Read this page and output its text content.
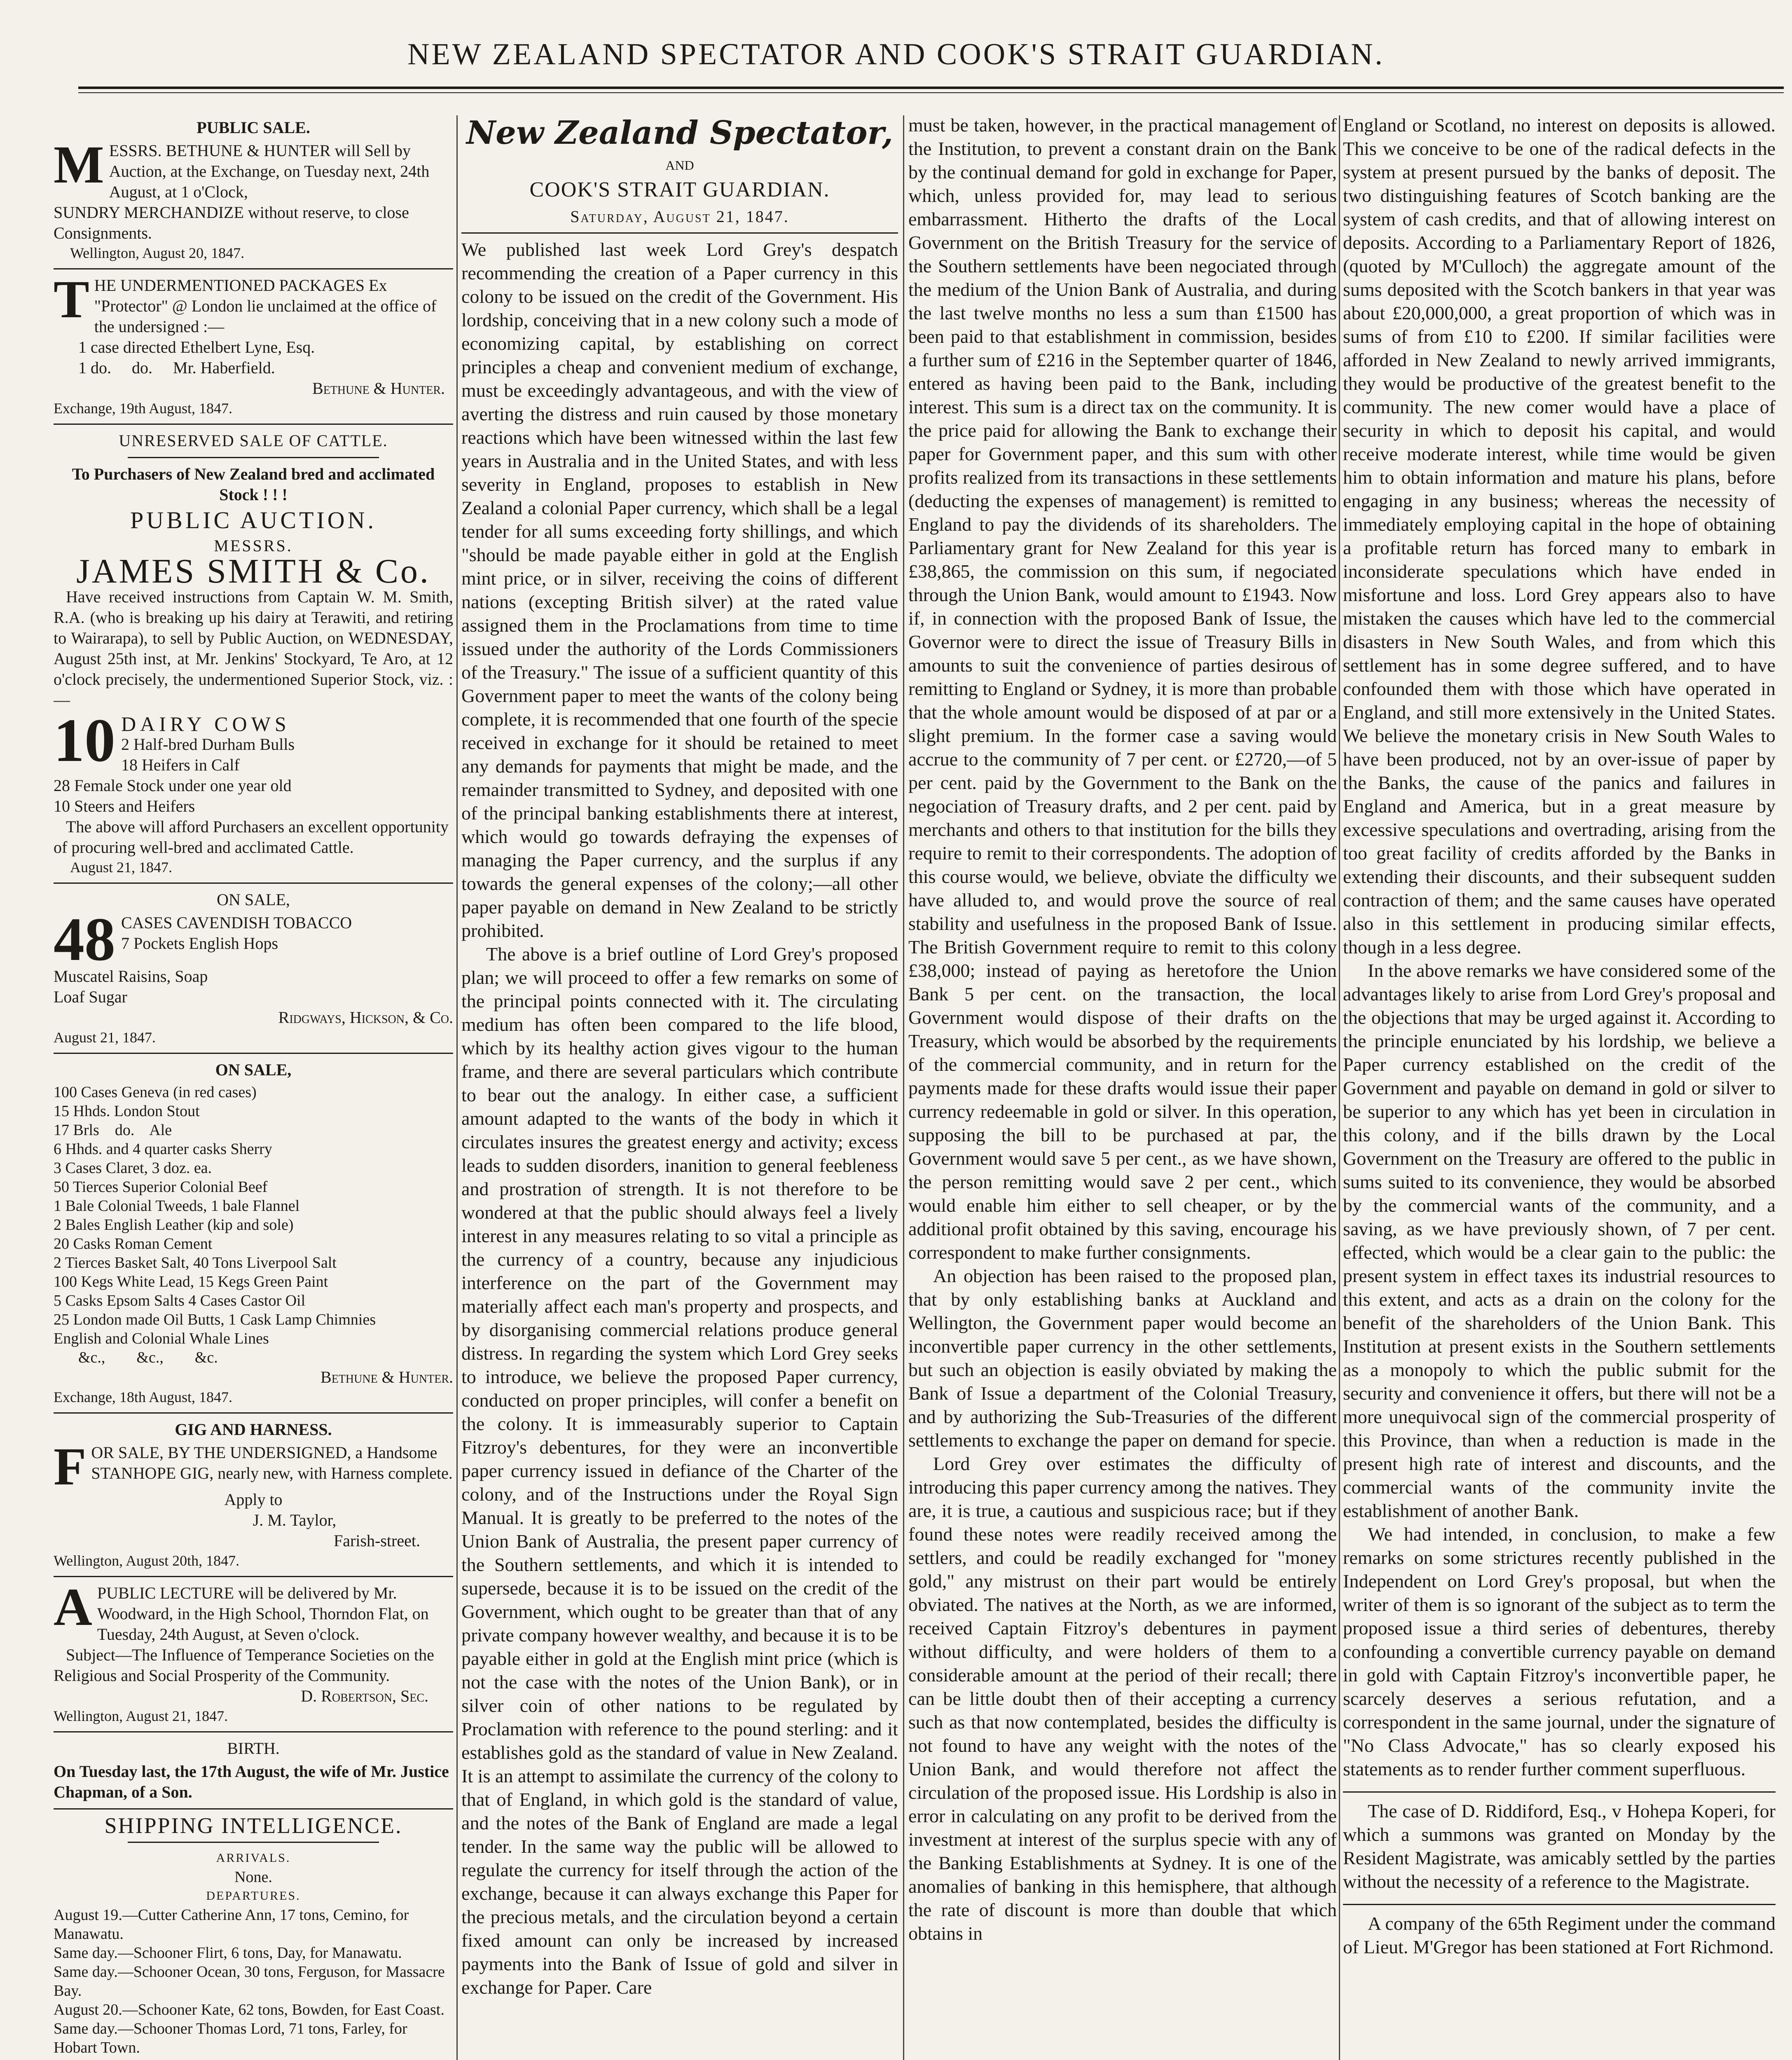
NEW ZEALAND SPECTATOR AND COOK'S STRAIT GUARDIAN.
PUBLIC SALE.

MESSRS. BETHUNE & HUNTER will Sell by Auction, at the Exchange, on Tuesday next, 24th August, at 1 o'Clock,

SUNDRY MERCHANDIZE without reserve, to close Consignments.

Wellington, August 20, 1847.

THE UNDERMENTIONED PACKAGES Ex "Protector" @ London lie unclaimed at the office of the undersigned :—

1 case directed Ethelbert Lyne, Esq.

1 do.     do.     Mr. Haberfield.

Bethune & Hunter.

Exchange, 19th August, 1847.

UNRESERVED SALE OF CATTLE.

To Purchasers of New Zealand bred and acclimated Stock ! ! !

PUBLIC AUCTION.

MESSRS.

JAMES SMITH & Co.

Have received instructions from Captain W. M. Smith, R.A. (who is breaking up his dairy at Terawiti, and retiring to Wairarapa), to sell by Public Auction, on WEDNESDAY, August 25th inst, at Mr. Jenkins' Stockyard, Te Aro, at 12 o'clock precisely, the undermentioned Superior Stock, viz. :—

10 DAIRY COWS

2 Half-bred Durham Bulls

18 Heifers in Calf

28 Female Stock under one year old

10 Steers and Heifers

The above will afford Purchasers an excellent opportunity of procuring well-bred and acclimated Cattle.

August 21, 1847.

ON SALE,
48 CASES CAVENDISH TOBACCO

7 Pockets English Hops

Muscatel Raisins, Soap

Loaf Sugar

Ridgways, Hickson, & Co.

August 21, 1847.

ON SALE,

100 Cases Geneva (in red cases)

15 Hhds. London Stout

17 Brls    do.    Ale

6 Hhds. and 4 quarter casks Sherry

3 Cases Claret, 3 doz. ea.

50 Tierces Superior Colonial Beef

1 Bale Colonial Tweeds, 1 bale Flannel

2 Bales English Leather (kip and sole)

20 Casks Roman Cement

2 Tierces Basket Salt, 40 Tons Liverpool Salt

100 Kegs White Lead, 15 Kegs Green Paint

5 Casks Epsom Salts 4 Cases Castor Oil

25 London made Oil Butts, 1 Cask Lamp Chimnies

English and Colonial Whale Lines

&c.,        &c.,        &c.

Bethune & Hunter.

Exchange, 18th August, 1847.

GIG AND HARNESS.

FOR SALE, BY THE UNDERSIGNED, a Handsome STANHOPE GIG, nearly new, with Harness complete.

Apply to

J. M. Taylor,

Farish-street.

Wellington, August 20th, 1847.

APUBLIC LECTURE will be delivered by Mr. Woodward, in the High School, Thorndon Flat, on Tuesday, 24th August, at Seven o'clock.

Subject—The Influence of Temperance Societies on the Religious and Social Prosperity of the Community.

D. Robertson, Sec.

Wellington, August 21, 1847.

BIRTH.

On Tuesday last, the 17th August, the wife of Mr. Justice Chapman, of a Son.

SHIPPING INTELLIGENCE.

ARRIVALS.

None.

DEPARTURES.

August 19.—Cutter Catherine Ann, 17 tons, Cemino, for Manawatu.

Same day.—Schooner Flirt, 6 tons, Day, for Manawatu.

Same day.—Schooner Ocean, 30 tons, Ferguson, for Massacre Bay.

August 20.—Schooner Kate, 62 tons, Bowden, for East Coast.

Same day.—Schooner Thomas Lord, 71 tons, Farley, for Hobart Town.

New Zealand Spectator,
AND
COOK'S STRAIT GUARDIAN.
Saturday, August 21, 1847.

We published last week Lord Grey's despatch recommending the creation of a Paper currency in this colony to be issued on the credit of the Government. His lordship, conceiving that in a new colony such a mode of economizing capital, by establishing on correct principles a cheap and convenient medium of exchange, must be exceedingly advantageous, and with the view of averting the distress and ruin caused by those monetary reactions which have been witnessed within the last few years in Australia and in the United States, and with less severity in England, proposes to establish in New Zealand a colonial Paper currency, which shall be a legal tender for all sums exceeding forty shillings, and which "should be made payable either in gold at the English mint price, or in silver, receiving the coins of different nations (excepting British silver) at the rated value assigned them in the Proclamations from time to time issued under the authority of the Lords Commissioners of the Treasury." The issue of a sufficient quantity of this Government paper to meet the wants of the colony being complete, it is recommended that one fourth of the specie received in exchange for it should be retained to meet any demands for payments that might be made, and the remainder transmitted to Sydney, and deposited with one of the principal banking establishments there at interest, which would go towards defraying the expenses of managing the Paper currency, and the surplus if any towards the general expenses of the colony;—all other paper payable on demand in New Zealand to be strictly prohibited.

The above is a brief outline of Lord Grey's proposed plan; we will proceed to offer a few remarks on some of the principal points connected with it. The circulating medium has often been compared to the life blood, which by its healthy action gives vigour to the human frame, and there are several particulars which contribute to bear out the analogy. In either case, a sufficient amount adapted to the wants of the body in which it circulates insures the greatest energy and activity; excess leads to sudden disorders, inanition to general feebleness and prostration of strength. It is not therefore to be wondered at that the public should always feel a lively interest in any measures relating to so vital a principle as the currency of a country, because any injudicious interference on the part of the Government may materially affect each man's property and prospects, and by disorganising commercial relations produce general distress. In regarding the system which Lord Grey seeks to introduce, we believe the proposed Paper currency, conducted on proper principles, will confer a benefit on the colony. It is immeasurably superior to Captain Fitzroy's debentures, for they were an inconvertible paper currency issued in defiance of the Charter of the colony, and of the Instructions under the Royal Sign Manual. It is greatly to be preferred to the notes of the Union Bank of Australia, the present paper currency of the Southern settlements, and which it is intended to supersede, because it is to be issued on the credit of the Government, which ought to be greater than that of any private company however wealthy, and because it is to be payable either in gold at the English mint price (which is not the case with the notes of the Union Bank), or in silver coin of other nations to be regulated by Proclamation with reference to the pound sterling: and it establishes gold as the standard of value in New Zealand. It is an attempt to assimilate the currency of the colony to that of England, in which gold is the standard of value, and the notes of the Bank of England are made a legal tender. In the same way the public will be allowed to regulate the currency for itself through the action of the exchange, because it can always exchange this Paper for the precious metals, and the circulation beyond a certain fixed amount can only be increased by increased payments into the Bank of Issue of gold and silver in exchange for Paper. Care

must be taken, however, in the practical management of the Institution, to prevent a constant drain on the Bank by the continual demand for gold in exchange for Paper, which, unless provided for, may lead to serious embarrassment. Hitherto the drafts of the Local Government on the British Treasury for the service of the Southern settlements have been negociated through the medium of the Union Bank of Australia, and during the last twelve months no less a sum than £1500 has been paid to that establishment in commission, besides a further sum of £216 in the September quarter of 1846, entered as having been paid to the Bank, including interest. This sum is a direct tax on the community. It is the price paid for allowing the Bank to exchange their paper for Government paper, and this sum with other profits realized from its transactions in these settlements (deducting the expenses of management) is remitted to England to pay the dividends of its shareholders. The Parliamentary grant for New Zealand for this year is £38,865, the commission on this sum, if negociated through the Union Bank, would amount to £1943. Now if, in connection with the proposed Bank of Issue, the Governor were to direct the issue of Treasury Bills in amounts to suit the convenience of parties desirous of remitting to England or Sydney, it is more than probable that the whole amount would be disposed of at par or a slight premium. In the former case a saving would accrue to the community of 7 per cent. or £2720,—of 5 per cent. paid by the Government to the Bank on the negociation of Treasury drafts, and 2 per cent. paid by merchants and others to that institution for the bills they require to remit to their correspondents. The adoption of this course would, we believe, obviate the difficulty we have alluded to, and would prove the source of real stability and usefulness in the proposed Bank of Issue. The British Government require to remit to this colony £38,000; instead of paying as heretofore the Union Bank 5 per cent. on the transaction, the local Government would dispose of their drafts on the Treasury, which would be absorbed by the requirements of the commercial community, and in return for the payments made for these drafts would issue their paper currency redeemable in gold or silver. In this operation, supposing the bill to be purchased at par, the Government would save 5 per cent., as we have shown, the person remitting would save 2 per cent., which would enable him either to sell cheaper, or by the additional profit obtained by this saving, encourage his correspondent to make further consignments.

An objection has been raised to the proposed plan, that by only establishing banks at Auckland and Wellington, the Government paper would become an inconvertible paper currency in the other settlements, but such an objection is easily obviated by making the Bank of Issue a department of the Colonial Treasury, and by authorizing the Sub-Treasuries of the different settlements to exchange the paper on demand for specie.

Lord Grey over estimates the difficulty of introducing this paper currency among the natives. They are, it is true, a cautious and suspicious race; but if they found these notes were readily received among the settlers, and could be readily exchanged for "money gold," any mistrust on their part would be entirely obviated. The natives at the North, as we are informed, received Captain Fitzroy's debentures in payment without difficulty, and were holders of them to a considerable amount at the period of their recall; there can be little doubt then of their accepting a currency such as that now contemplated, besides the difficulty is not found to have any weight with the notes of the Union Bank, and would therefore not affect the circulation of the proposed issue. His Lordship is also in error in calculating on any profit to be derived from the investment at interest of the surplus specie with any of the Banking Establishments at Sydney. It is one of the anomalies of banking in this hemisphere, that although the rate of discount is more than double that which obtains in

England or Scotland, no interest on deposits is allowed. This we conceive to be one of the radical defects in the system at present pursued by the banks of deposit. The two distinguishing features of Scotch banking are the system of cash credits, and that of allowing interest on deposits. According to a Parliamentary Report of 1826, (quoted by M'Culloch) the aggregate amount of the sums deposited with the Scotch bankers in that year was about £20,000,000, a great proportion of which was in sums of from £10 to £200. If similar facilities were afforded in New Zealand to newly arrived immigrants, they would be productive of the greatest benefit to the community. The new comer would have a place of security in which to deposit his capital, and would receive moderate interest, while time would be given him to obtain information and mature his plans, before engaging in any business; whereas the necessity of immediately employing capital in the hope of obtaining a profitable return has forced many to embark in inconsiderate speculations which have ended in misfortune and loss. Lord Grey appears also to have mistaken the causes which have led to the commercial disasters in New South Wales, and from which this settlement has in some degree suffered, and to have confounded them with those which have operated in England, and still more extensively in the United States. We believe the monetary crisis in New South Wales to have been produced, not by an over-issue of paper by the Banks, the cause of the panics and failures in England and America, but in a great measure by excessive speculations and overtrading, arising from the too great facility of credits afforded by the Banks in extending their discounts, and their subsequent sudden contraction of them; and the same causes have operated also in this settlement in producing similar effects, though in a less degree.

In the above remarks we have considered some of the advantages likely to arise from Lord Grey's proposal and the objections that may be urged against it. According to the principle enunciated by his lordship, we believe a Paper currency established on the credit of the Government and payable on demand in gold or silver to be superior to any which has yet been in circulation in this colony, and if the bills drawn by the Local Government on the Treasury are offered to the public in sums suited to its convenience, they would be absorbed by the commercial wants of the community, and a saving, as we have previously shown, of 7 per cent. effected, which would be a clear gain to the public: the present system in effect taxes its industrial resources to this extent, and acts as a drain on the colony for the benefit of the shareholders of the Union Bank. This Institution at present exists in the Southern settlements as a monopoly to which the public submit for the security and convenience it offers, but there will not be a more unequivocal sign of the commercial prosperity of this Province, than when a reduction is made in the present high rate of interest and discounts, and the commercial wants of the community invite the establishment of another Bank.

We had intended, in conclusion, to make a few remarks on some strictures recently published in the Independent on Lord Grey's proposal, but when the writer of them is so ignorant of the subject as to term the proposed issue a third series of debentures, thereby confounding a convertible currency payable on demand in gold with Captain Fitzroy's inconvertible paper, he scarcely deserves a serious refutation, and a correspondent in the same journal, under the signature of "No Class Advocate," has so clearly exposed his statements as to render further comment superfluous.

The case of D. Riddiford, Esq., v Hohepa Koperi, for which a summons was granted on Monday by the Resident Magistrate, was amicably settled by the parties without the necessity of a reference to the Magistrate.

A company of the 65th Regiment under the command of Lieut. M'Gregor has been stationed at Fort Richmond.
